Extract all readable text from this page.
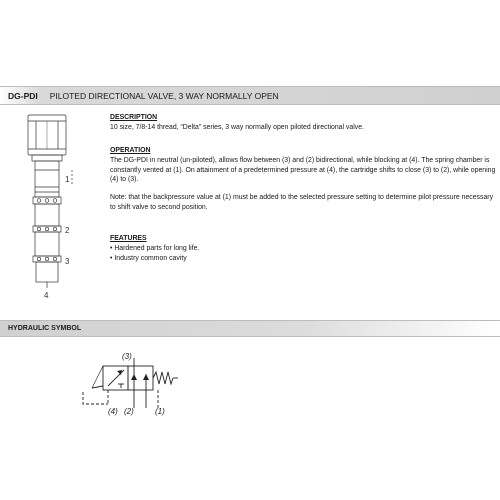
DG-PDI PILOTED DIRECTIONAL VALVE, 3 WAY NORMALLY OPEN
1
2
3
4
DESCRIPTION

10 size, 7/8-14 thread, “Delta” series, 3 way normally open piloted directional valve.

OPERATION

The DG-PDI in neutral (un-piloted), allows flow between (3) and (2) bidirectional, while blocking at (4). The spring chamber is constantly vented at (1). On attainment of a predetermined pressure at (4), the cartridge shifts to close (3) to (2), while opening (4) to (3).

Note: that the backpressure value at (1) must be added to the selected pressure setting to determine pilot pressure necessary to shift valve to second position.

FEATURES
• Hardened parts for long life.
• Industry common cavity
HYDRAULIC SYMBOL
(3)
(4) (2)	(1)
